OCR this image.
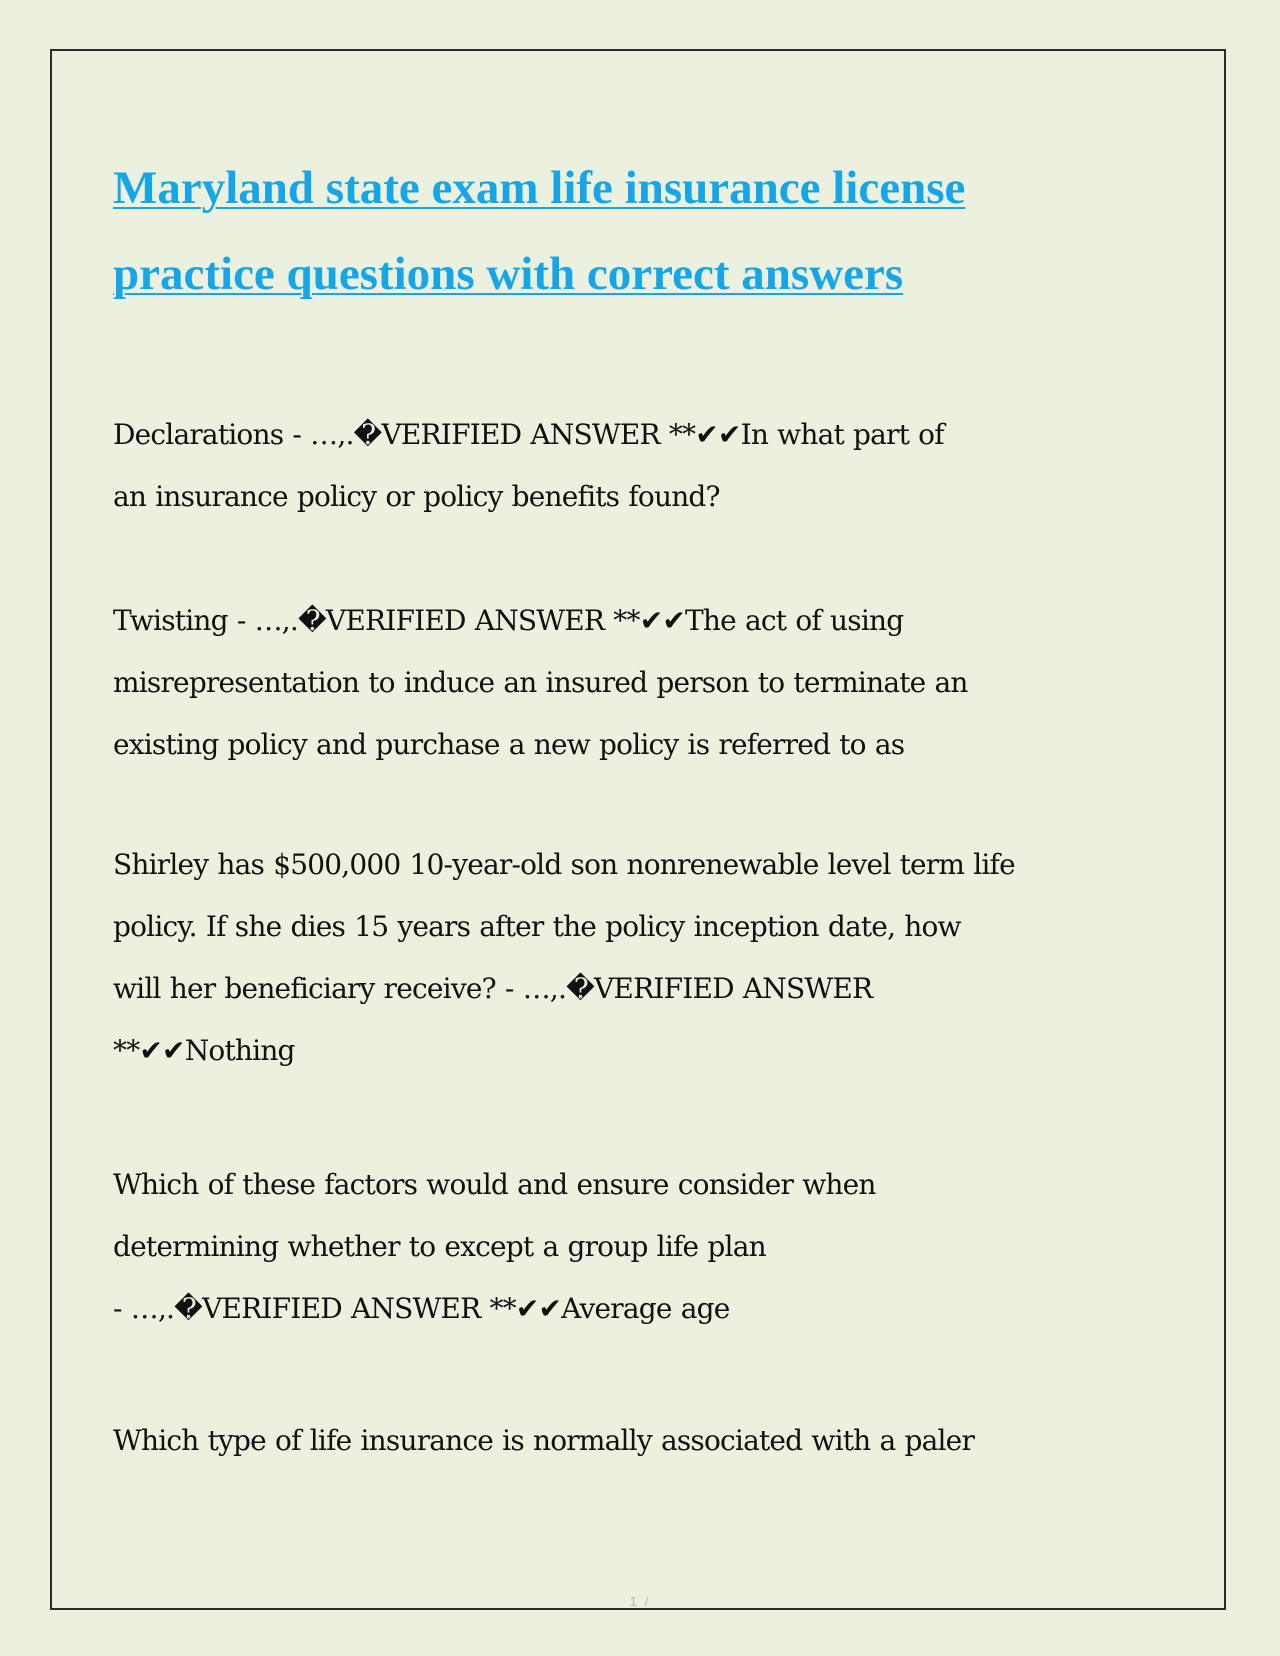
Maryland state exam life insurance license
practice questions with correct answers
Declarations - …,.�VERIFIED ANSWER **✔✔In what part of
an insurance policy or policy benefits found?
Twisting - …,.�VERIFIED ANSWER **✔✔The act of using
misrepresentation to induce an insured person to terminate an
existing policy and purchase a new policy is referred to as
Shirley has $500,000 10-year-old son nonrenewable level term life
policy. If she dies 15 years after the policy inception date, how
will her beneficiary receive? - …,.�VERIFIED ANSWER
**✔✔Nothing
Which of these factors would and ensure consider when
determining whether to except a group life plan
- …,.�VERIFIED ANSWER **✔✔Average age
Which type of life insurance is normally associated with a paler
1 /
